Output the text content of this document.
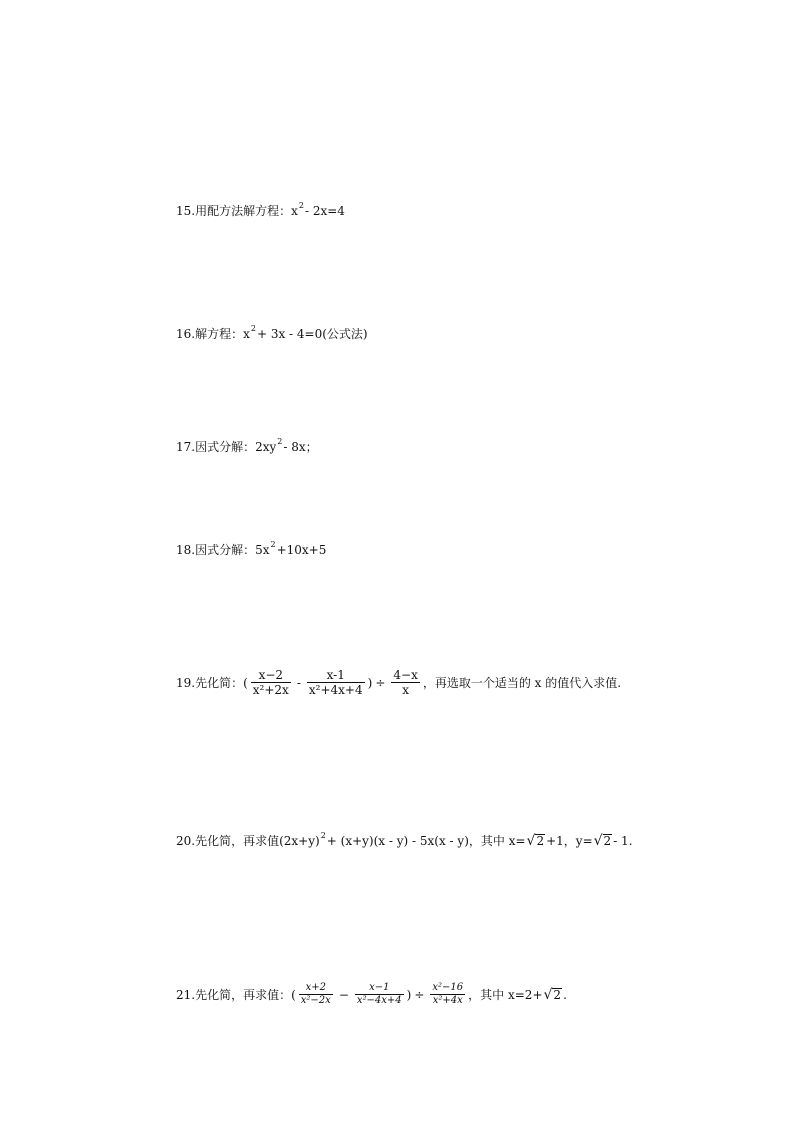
15.用配方法解方程： x 2 - 2x=4
16.解方程： x 2 + 3x - 4=0(公式法)
17.因式分解： 2xy 2 - 8x；
18.因式分解： 5x 2 +10x+5
19.先化简：( $\frac{x-2}{\text{x²+2x}} - \frac{x-1}{\text{x²+4x+4}}$ ) ÷ $\frac{4-x}{x}$ ，再选取一个适当的 x 的值代入求值.
20.先化简，再求值(2x+y) 2 + (x+y)(x - y) - 5x(x - y)，其中 x= √ 2 +1，y= √ 2 - 1.
21.先化简，再求值：( $\frac{x+2}{\text{x²−2x}} - \frac{x-1}{\text{x²−4x+4}}$ ) ÷ $\frac{\text{x²−16}}{\text{x²+4x}}$ ，其中 x=2+ √ 2 .
